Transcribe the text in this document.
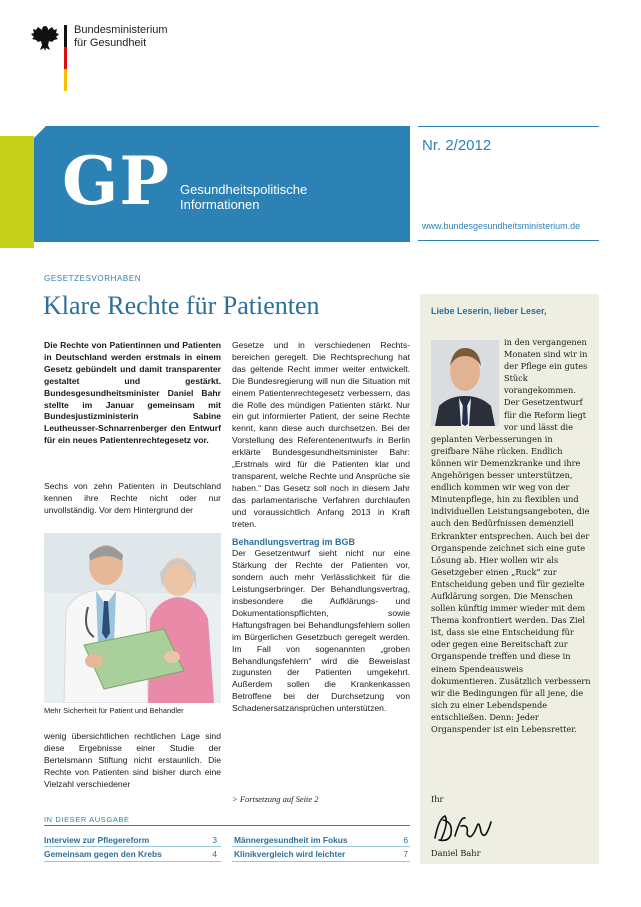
Bundesministerium
für Gesundheit
GP Gesundheitspolitische
Informationen
Nr. 2/2012
www.bundesgesundheitsministerium.de
GESETZESVORHABEN
Klare Rechte für Patienten
Die Rechte von Patientinnen und Patienten in Deutschland werden erstmals in einem Gesetz gebündelt und damit transparenter gestaltet und gestärkt. Bundesgesundheitsminister Daniel Bahr stellte im Januar gemeinsam mit Bundesjustizministerin Sabine Leutheusser-Schnarrenberger den Entwurf für ein neues Patientenrechtegesetz vor.
Sechs von zehn Patienten in Deutschland kennen ihre Rechte nicht oder nur unvollständig. Vor dem Hintergrund der
Mehr Sicherheit für Patient und Behandler
wenig übersichtlichen rechtlichen Lage sind diese Ergebnisse einer Studie der Bertelsmann Stiftung nicht erstaunlich. Die Rechte von Patienten sind bisher durch eine Vielzahl verschiedener

Gesetze und in verschiedenen Rechtsbereichen geregelt. Die Rechtsprechung hat das geltende Recht immer weiter entwickelt. Die Bundesregierung will nun die Situation mit einem Patientenrechtegesetz verbessern, das die Rolle des mündigen Patienten stärkt. Nur ein gut informierter Patient, der seine Rechte kennt, kann diese auch durchsetzen. Bei der Vorstellung des Referentenentwurfs in Berlin erklärte Bundesgesundheitsminister Bahr: „Erstmals wird für die Patienten klar und transparent, welche Rechte und Ansprüche sie haben.“ Das Gesetz soll noch in diesem Jahr das parlamentarische Verfahren durchlaufen und voraussichtlich Anfang 2013 in Kraft treten.

Behandlungsvertrag im BGB

Der Gesetzentwurf sieht nicht nur eine Stärkung der Rechte der Patienten vor, sondern auch mehr Verlässlichkeit für die Leistungserbringer. Der Behandlungsvertrag, insbesondere die Aufklärungs- und Dokumentationspflichten, sowie Haftungsfragen bei Behandlungsfehlern sollen im Bürgerlichen Gesetzbuch geregelt werden. Im Fall von sogenannten „groben Behandlungsfehlern“ wird die Beweislast zugunsten der Patienten umgekehrt. Außerdem sollen die Krankenkassen Betroffene bei der Durchsetzung von Schadenersatzansprüchen unterstützen.

> Fortsetzung auf Seite 2
Liebe Leserin, lieber Leser,
in den vergangenen Monaten sind wir in der Pflege ein gutes Stück vorangekommen. Der Gesetzentwurf für die Reform liegt vor und lässt die geplanten Verbesserungen in greifbare Nähe rücken. Endlich können wir Demenzkranke und ihre Angehörigen besser unterstützen, endlich kommen wir weg von der Minutenpflege, hin zu flexiblen und individuellen Leistungsangeboten, die auch den Bedürfnissen demenziell Erkrankter entsprechen. Auch bei der Organspende zeichnet sich eine gute Lösung ab. Hier wollen wir als Gesetzgeber einen „Ruck“ zur Entscheidung geben und für gezielte Aufklärung sorgen. Die Menschen sollen künftig immer wieder mit dem Thema konfrontiert werden. Das Ziel ist, dass sie eine Entscheidung für oder gegen eine Bereitschaft zur Organspende treffen und diese in einem Spendeausweis dokumentieren. Zusätzlich verbessern wir die Bedingungen für all jene, die sich zu einer Lebendspende entschließen. Denn: Jeder Organspender ist ein Lebensretter.
Ihr
Daniel Bahr
IN DIESER AUSGABE
Interview zur Pflegereform	3
Gemeinsam gegen den Krebs	4
Männergesundheit im Fokus	6
Klinikvergleich wird leichter	7
